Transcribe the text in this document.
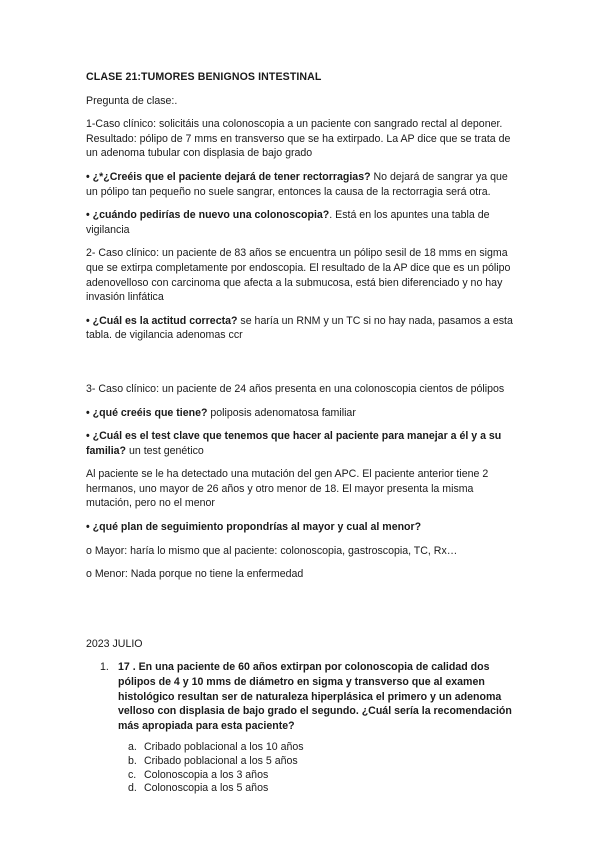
CLASE 21:TUMORES BENIGNOS INTESTINAL

Pregunta de clase:.

1-Caso clínico: solicitáis una colonoscopia a un paciente con sangrado rectal al deponer. Resultado: pólipo de 7 mms en transverso que se ha extirpado. La AP dice que se trata de un adenoma tubular con displasia de bajo grado

• ¿*¿Creéis que el paciente dejará de tener rectorragias? No dejará de sangrar ya que un pólipo tan pequeño no suele sangrar, entonces la causa de la rectorragia será otra.

• ¿cuándo pedirías de nuevo una colonoscopia?. Está en los apuntes una tabla de vigilancia

2- Caso clínico: un paciente de 83 años se encuentra un pólipo sesil de 18 mms en sigma que se extirpa completamente por endoscopia. El resultado de la AP dice que es un pólipo adenovelloso con carcinoma que afecta a la submucosa, está bien diferenciado y no hay invasión linfática

• ¿Cuál es la actitud correcta? se haría un RNM y un TC si no hay nada, pasamos a esta tabla. de vigilancia adenomas ccr

3- Caso clínico: un paciente de 24 años presenta en una colonoscopia cientos de pólipos

• ¿qué creéis que tiene? poliposis adenomatosa familiar

• ¿Cuál es el test clave que tenemos que hacer al paciente para manejar a él y a su familia? un test genético

Al paciente se le ha detectado una mutación del gen APC. El paciente anterior tiene 2 hermanos, uno mayor de 26 años y otro menor de 18. El mayor presenta la misma mutación, pero no el menor

• ¿qué plan de seguimiento propondrías al mayor y cual al menor?

o Mayor: haría lo mismo que al paciente: colonoscopia, gastroscopia, TC, Rx…

o Menor: Nada porque no tiene la enfermedad

2023 JULIO

1. 17 . En una paciente de 60 años extirpan por colonoscopia de calidad dos pólipos de 4 y 10 mms de diámetro en sigma y transverso que al examen histológico resultan ser de naturaleza hiperplásica el primero y un adenoma velloso con displasia de bajo grado el segundo. ¿Cuál sería la recomendación más apropiada para esta paciente?

a. Cribado poblacional a los 10 años
b. Cribado poblacional a los 5 años
c. Colonoscopia a los 3 años
d. Colonoscopia a los 5 años
